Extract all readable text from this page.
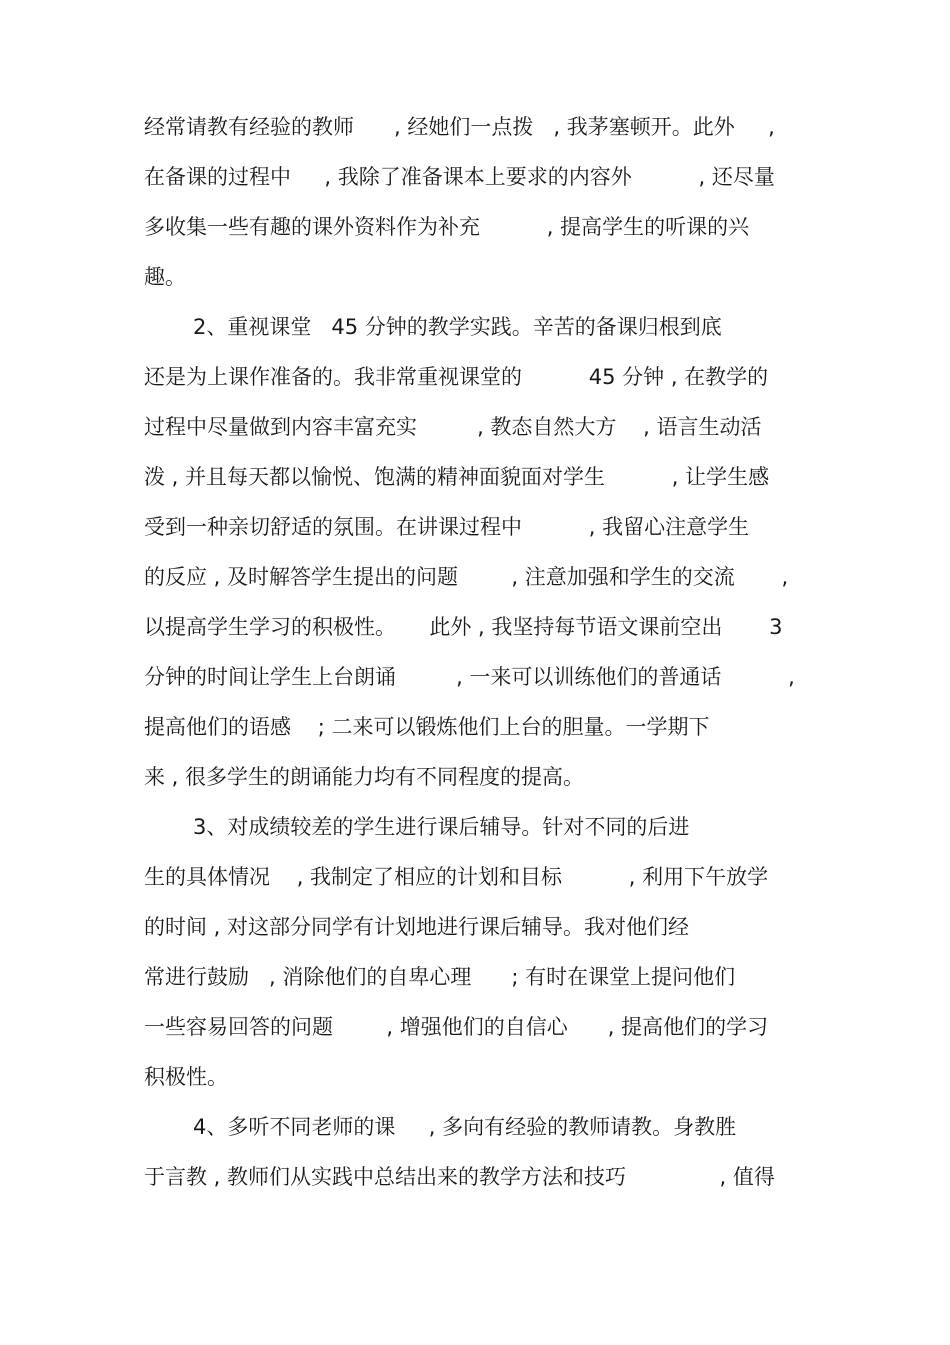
经常请教有经验的教师      , 经她们一点拨   , 我茅塞顿开。此外     ,
在备课的过程中     , 我除了准备课本上要求的内容外          , 还尽量
多收集一些有趣的课外资料作为补充          , 提高学生的听课的兴
趣。
2、重视课堂   45 分钟的教学实践。辛苦的备课归根到底
还是为上课作准备的。我非常重视课堂的          45 分钟 , 在教学的
过程中尽量做到内容丰富充实         , 教态自然大方    , 语言生动活
泼 , 并且每天都以愉悦、饱满的精神面貌面对学生          , 让学生感
受到一种亲切舒适的氛围。在讲课过程中          , 我留心注意学生
的反应 , 及时解答学生提出的问题        , 注意加强和学生的交流       ,
以提高学生学习的积极性。     此外 , 我坚持每节语文课前空出       3
分钟的时间让学生上台朗诵         , 一来可以训练他们的普通话          ,
提高他们的语感    ; 二来可以锻炼他们上台的胆量。一学期下
来 , 很多学生的朗诵能力均有不同程度的提高。
3、对成绩较差的学生进行课后辅导。针对不同的后进
生的具体情况    , 我制定了相应的计划和目标          , 利用下午放学
的时间 , 对这部分同学有计划地进行课后辅导。我对他们经
常进行鼓励   , 消除他们的自卑心理      ; 有时在课堂上提问他们
一些容易回答的问题        , 增强他们的自信心      , 提高他们的学习
积极性。
4、多听不同老师的课     , 多向有经验的教师请教。身教胜
于言教 , 教师们从实践中总结出来的教学方法和技巧              , 值得
